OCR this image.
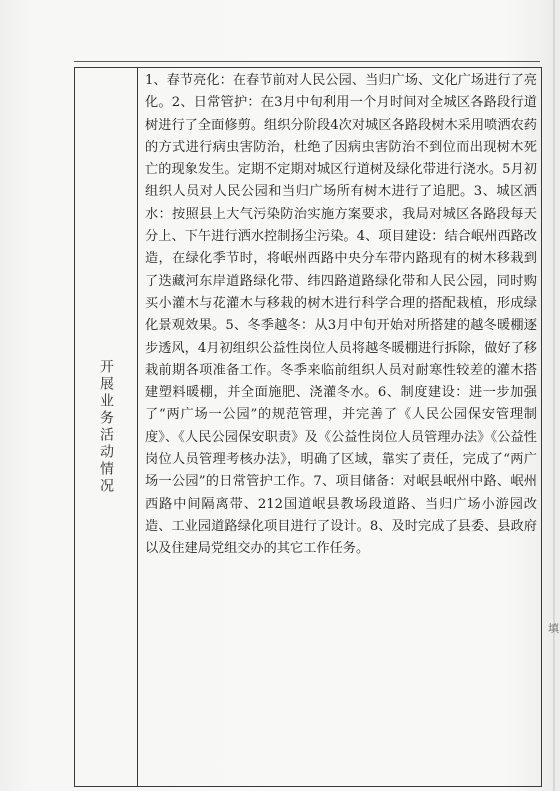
开展业务活动情况
1、春节亮化：在春节前对人民公园、当归广场、文化广场进行了亮化。2、日常管护：在3月中旬利用一个月时间对全城区各路段行道树进行了全面修剪。组织分阶段4次对城区各路段树木采用喷洒农药的方式进行病虫害防治，杜绝了因病虫害防治不到位而出现树木死亡的现象发生。定期不定期对城区行道树及绿化带进行浇水。5月初组织人员对人民公园和当归广场所有树木进行了追肥。3、城区洒水：按照县上大气污染防治实施方案要求，我局对城区各路段每天分上、下午进行洒水控制扬尘污染。4、项目建设：结合岷州西路改造，在绿化季节时，将岷州西路中央分车带内路现有的树木移栽到了迭藏河东岸道路绿化带、纬四路道路绿化带和人民公园，同时购买小灌木与花灌木与移栽的树木进行科学合理的搭配栽植，形成绿化景观效果。5、冬季越冬：从3月中旬开始对所搭建的越冬暖棚逐步透风，4月初组织公益性岗位人员将越冬暖棚进行拆除，做好了移栽前期各项准备工作。冬季来临前组织人员对耐寒性较差的灌木搭建塑料暖棚，并全面施肥、浇灌冬水。6、制度建设：进一步加强了“两广场一公园”的规范管理，并完善了《人民公园保安管理制度》、《人民公园保安职责》及《公益性岗位人员管理办法》《公益性岗位人员管理考核办法》，明确了区域，靠实了责任，完成了“两广场一公园”的日常管护工作。7、项目储备：对岷县岷州中路、岷州西路中间隔离带、212国道岷县教场段道路、当归广场小游园改造、工业园道路绿化项目进行了设计。8、及时完成了县委、县政府以及住建局党组交办的其它工作任务。
填
